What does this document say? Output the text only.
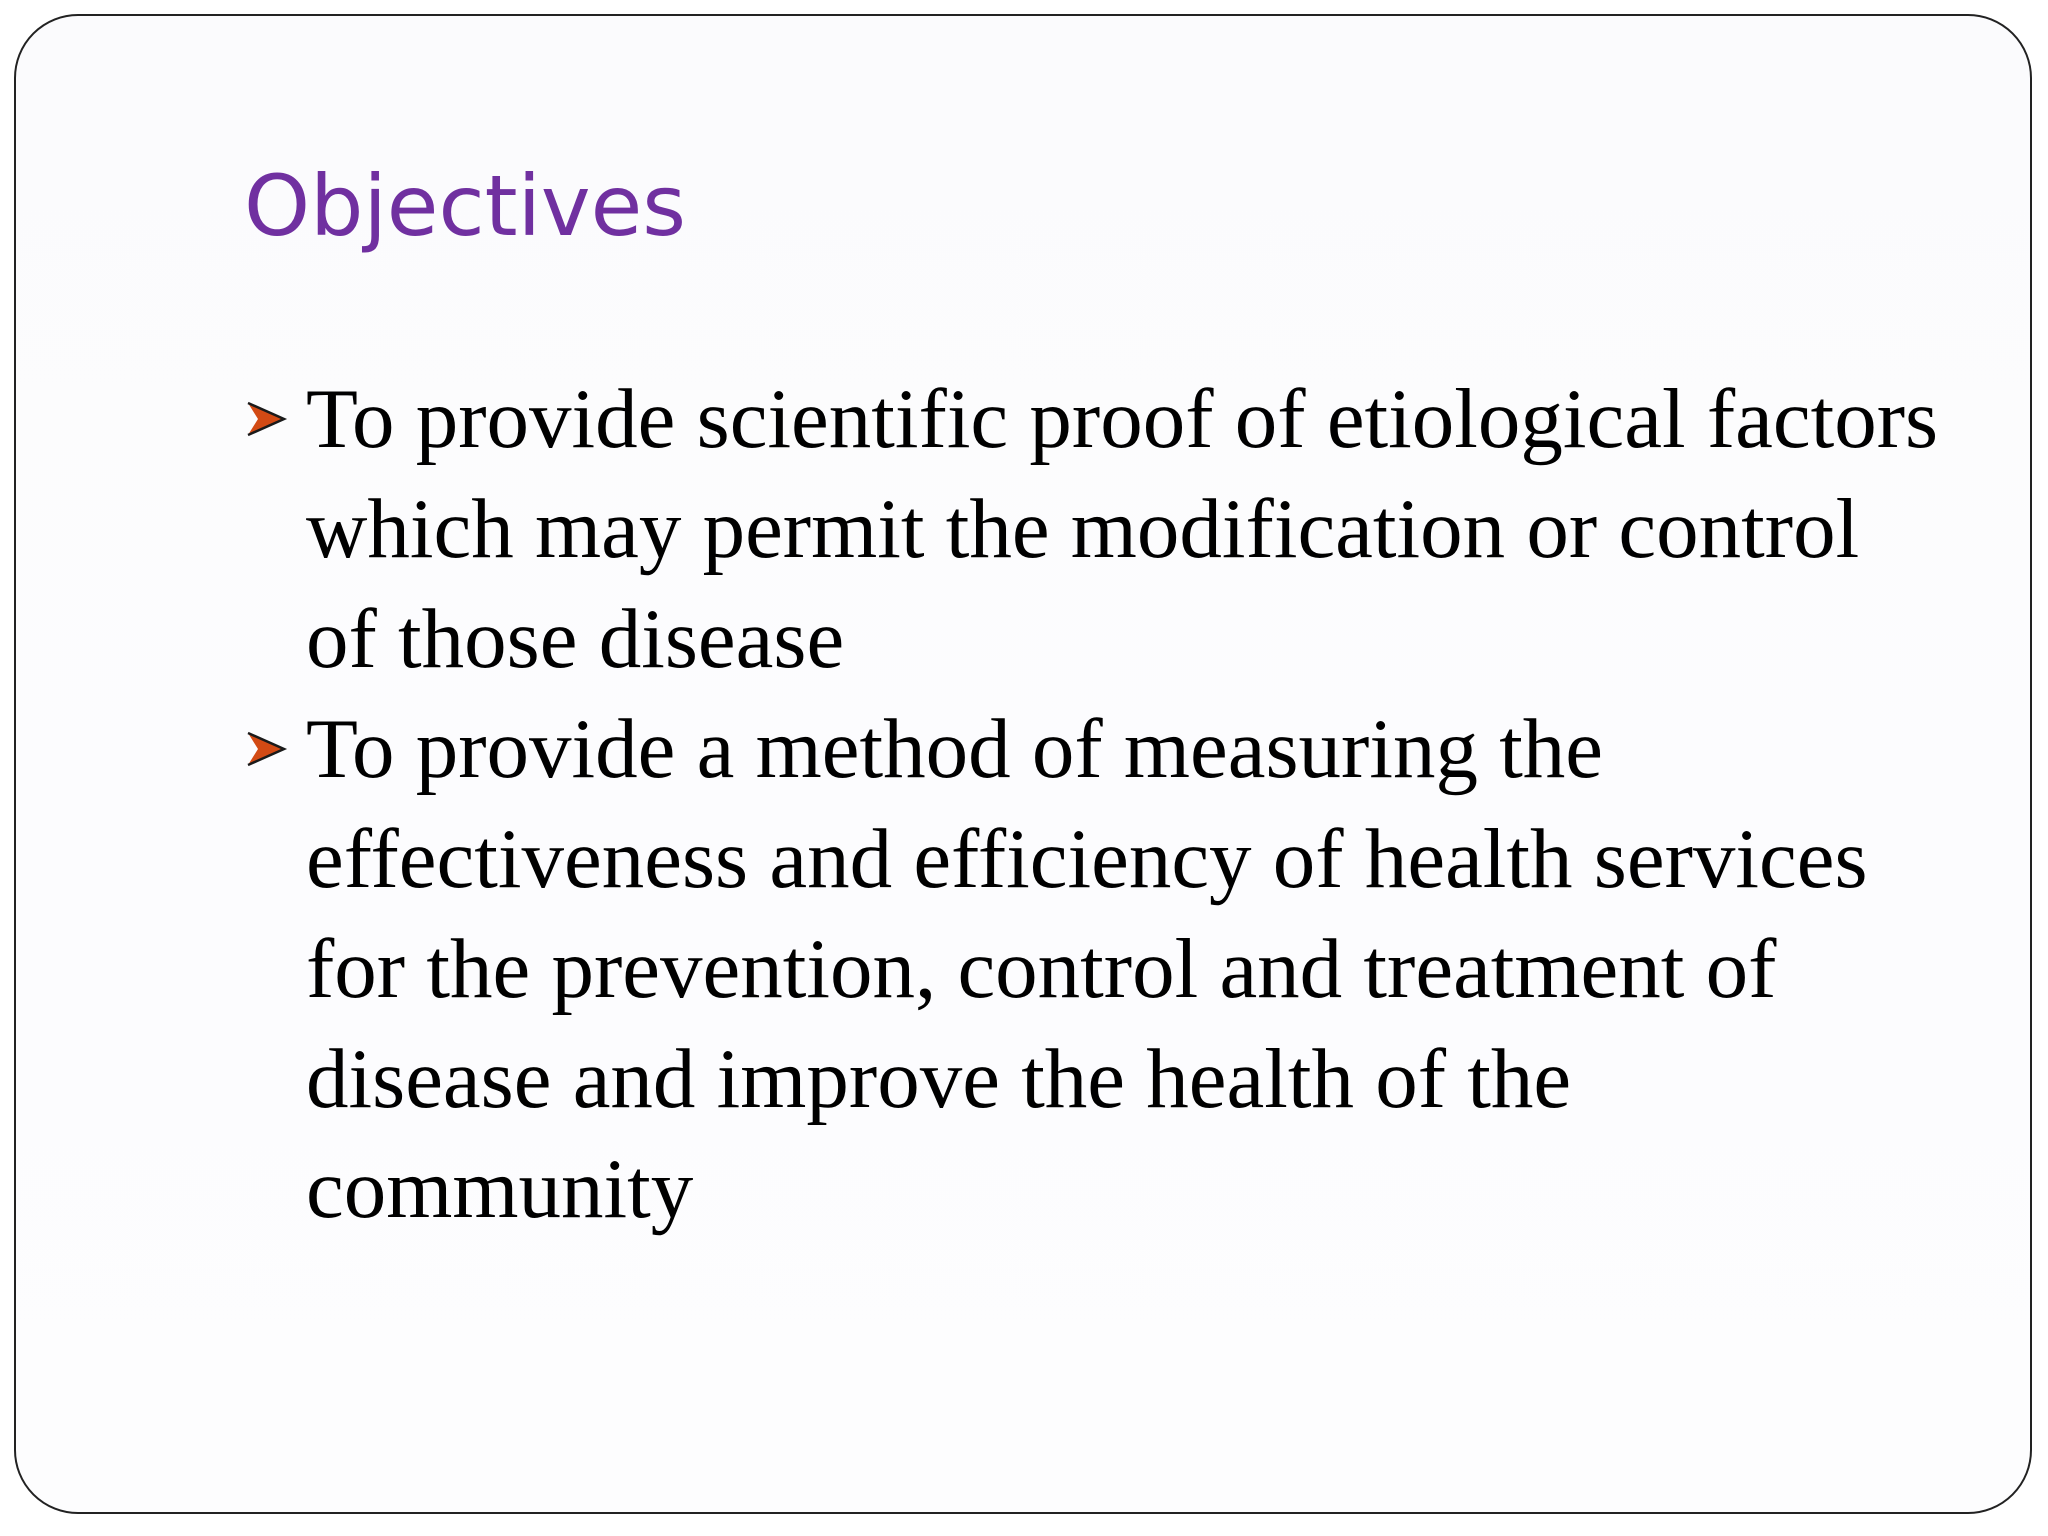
Objectives
To provide scientific proof of etiological factors which may permit the modification or control of those disease
To provide a method of measuring the effectiveness and efficiency of health services for the prevention, control and treatment of disease and improve the health of the community
